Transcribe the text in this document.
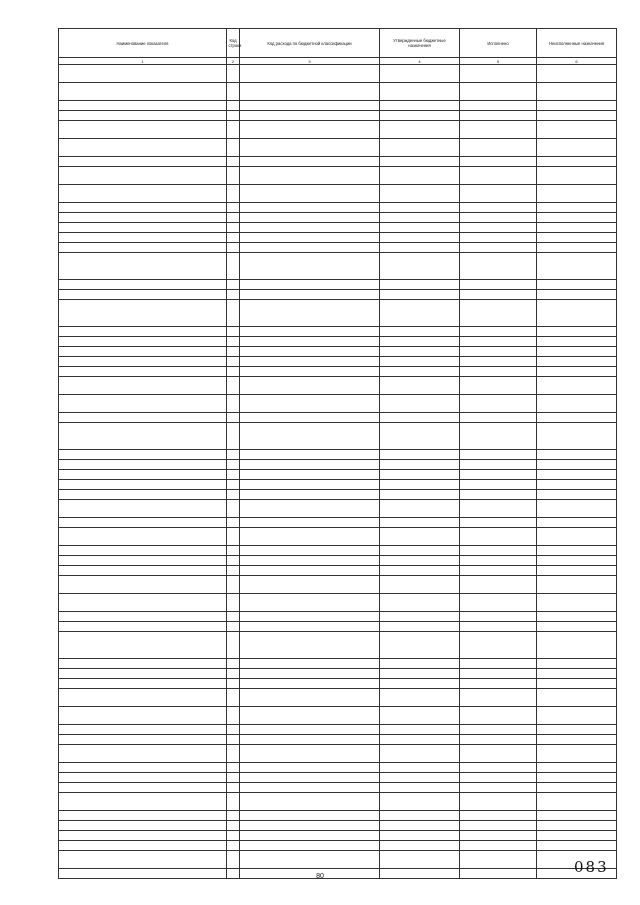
Наименование показателя	Код строки	Код расхода по бюджетной классификации	Утвержденные бюджетные назначения	Исполнено	Неисполненные назначения
1	2	3	4	5	6

80
083
